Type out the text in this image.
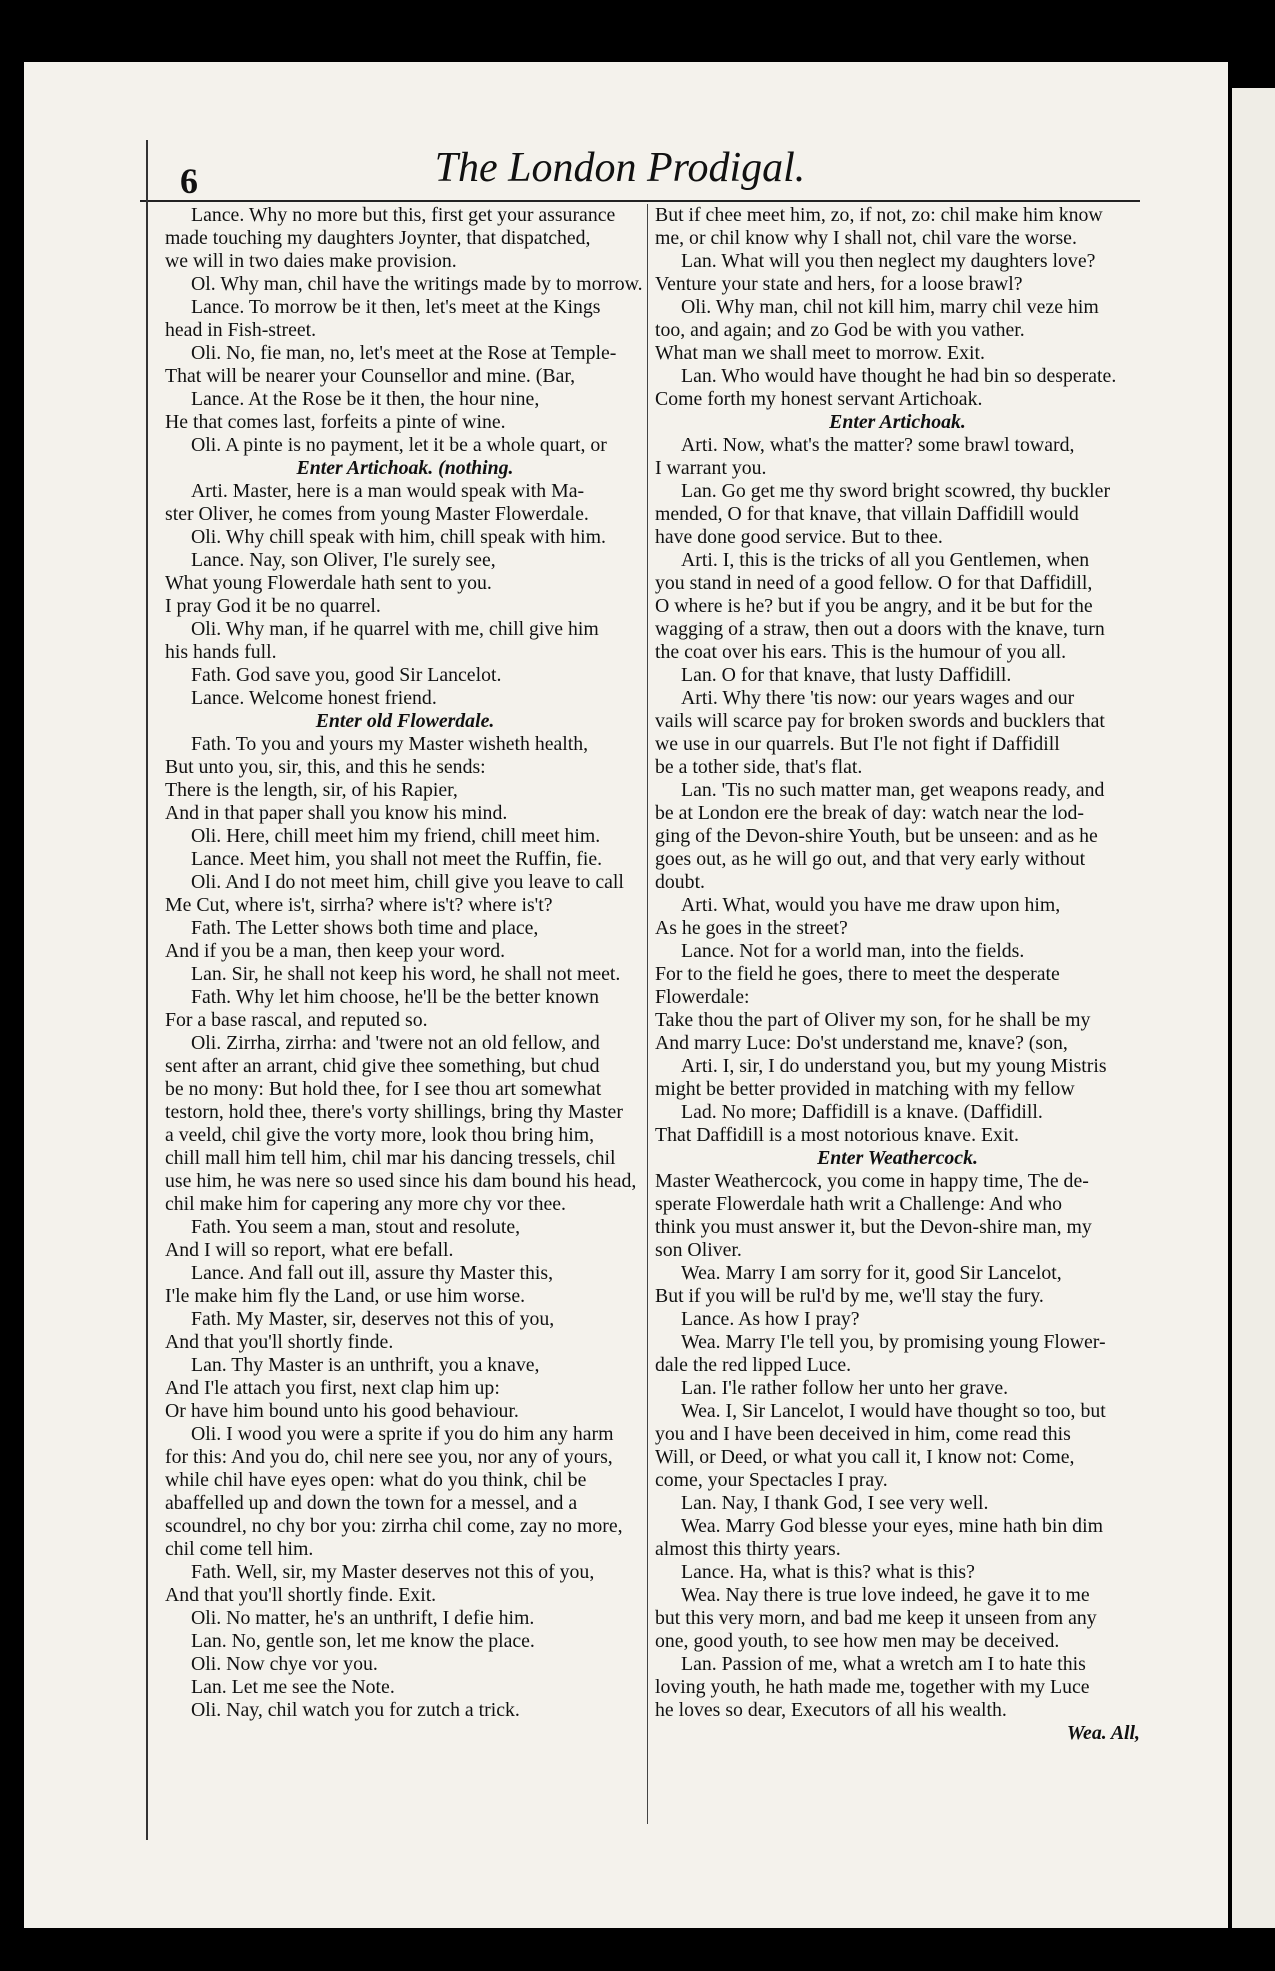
6	The London Prodigal.
Lance. Why no more but this, first get your assurance
made touching my daughters Joynter, that dispatched,
we will in two daies make provision.
Ol. Why man, chil have the writings made by to morrow.
Lance. To morrow be it then, let's meet at the Kings
head in Fish-street.
Oli. No, fie man, no, let's meet at the Rose at Temple-
That will be nearer your Counsellor and mine. (Bar,
Lance. At the Rose be it then, the hour nine,
He that comes last, forfeits a pinte of wine.
Oli. A pinte is no payment, let it be a whole quart, or
Enter Artichoak. (nothing.
Arti. Master, here is a man would speak with Ma-
ster Oliver, he comes from young Master Flowerdale.
Oli. Why chill speak with him, chill speak with him.
Lance. Nay, son Oliver, I'le surely see,
What young Flowerdale hath sent to you.
I pray God it be no quarrel.
Oli. Why man, if he quarrel with me, chill give him
his hands full.
Fath. God save you, good Sir Lancelot.
Lance. Welcome honest friend.
Enter old Flowerdale.
Fath. To you and yours my Master wisheth health,
But unto you, sir, this, and this he sends:
There is the length, sir, of his Rapier,
And in that paper shall you know his mind.
Oli. Here, chill meet him my friend, chill meet him.
Lance. Meet him, you shall not meet the Ruffin, fie.
Oli. And I do not meet him, chill give you leave to call
Me Cut, where is't, sirrha? where is't? where is't?
Fath. The Letter shows both time and place,
And if you be a man, then keep your word.
Lan. Sir, he shall not keep his word, he shall not meet.
Fath. Why let him choose, he'll be the better known
For a base rascal, and reputed so.
Oli. Zirrha, zirrha: and 'twere not an old fellow, and
sent after an arrant, chid give thee something, but chud
be no mony: But hold thee, for I see thou art somewhat
testorn, hold thee, there's vorty shillings, bring thy Master
a veeld, chil give the vorty more, look thou bring him,
chill mall him tell him, chil mar his dancing tressels, chil
use him, he was nere so used since his dam bound his head,
chil make him for capering any more chy vor thee.
Fath. You seem a man, stout and resolute,
And I will so report, what ere befall.
Lance. And fall out ill, assure thy Master this,
I'le make him fly the Land, or use him worse.
Fath. My Master, sir, deserves not this of you,
And that you'll shortly finde.
Lan. Thy Master is an unthrift, you a knave,
And I'le attach you first, next clap him up:
Or have him bound unto his good behaviour.
Oli. I wood you were a sprite if you do him any harm
for this: And you do, chil nere see you, nor any of yours,
while chil have eyes open: what do you think, chil be
abaffelled up and down the town for a messel, and a
scoundrel, no chy bor you: zirrha chil come, zay no more,
chil come tell him.
Fath. Well, sir, my Master deserves not this of you,
And that you'll shortly finde. Exit.
Oli. No matter, he's an unthrift, I defie him.
Lan. No, gentle son, let me know the place.
Oli. Now chye vor you.
Lan. Let me see the Note.
Oli. Nay, chil watch you for zutch a trick.
But if chee meet him, zo, if not, zo: chil make him know
me, or chil know why I shall not, chil vare the worse.
Lan. What will you then neglect my daughters love?
Venture your state and hers, for a loose brawl?
Oli. Why man, chil not kill him, marry chil veze him
too, and again; and zo God be with you vather.
What man we shall meet to morrow. Exit.
Lan. Who would have thought he had bin so desperate.
Come forth my honest servant Artichoak.
Enter Artichoak.
Arti. Now, what's the matter? some brawl toward,
I warrant you.
Lan. Go get me thy sword bright scowred, thy buckler
mended, O for that knave, that villain Daffidill would
have done good service. But to thee.
Arti. I, this is the tricks of all you Gentlemen, when
you stand in need of a good fellow. O for that Daffidill,
O where is he? but if you be angry, and it be but for the
wagging of a straw, then out a doors with the knave, turn
the coat over his ears. This is the humour of you all.
Lan. O for that knave, that lusty Daffidill.
Arti. Why there 'tis now: our years wages and our
vails will scarce pay for broken swords and bucklers that
we use in our quarrels. But I'le not fight if Daffidill
be a tother side, that's flat.
Lan. 'Tis no such matter man, get weapons ready, and
be at London ere the break of day: watch near the lod-
ging of the Devon-shire Youth, but be unseen: and as he
goes out, as he will go out, and that very early without
doubt.
Arti. What, would you have me draw upon him,
As he goes in the street?
Lance. Not for a world man, into the fields.
For to the field he goes, there to meet the desperate
Flowerdale:
Take thou the part of Oliver my son, for he shall be my
And marry Luce: Do'st understand me, knave? (son,
Arti. I, sir, I do understand you, but my young Mistris
might be better provided in matching with my fellow
Lad. No more; Daffidill is a knave. (Daffidill.
That Daffidill is a most notorious knave. Exit.
Enter Weathercock.
Master Weathercock, you come in happy time, The de-
sperate Flowerdale hath writ a Challenge: And who
think you must answer it, but the Devon-shire man, my
son Oliver.
Wea. Marry I am sorry for it, good Sir Lancelot,
But if you will be rul'd by me, we'll stay the fury.
Lance. As how I pray?
Wea. Marry I'le tell you, by promising young Flower-
dale the red lipped Luce.
Lan. I'le rather follow her unto her grave.
Wea. I, Sir Lancelot, I would have thought so too, but
you and I have been deceived in him, come read this
Will, or Deed, or what you call it, I know not: Come,
come, your Spectacles I pray.
Lan. Nay, I thank God, I see very well.
Wea. Marry God blesse your eyes, mine hath bin dim
almost this thirty years.
Lance. Ha, what is this? what is this?
Wea. Nay there is true love indeed, he gave it to me
but this very morn, and bad me keep it unseen from any
one, good youth, to see how men may be deceived.
Lan. Passion of me, what a wretch am I to hate this
loving youth, he hath made me, together with my Luce
he loves so dear, Executors of all his wealth.
Wea. All,
